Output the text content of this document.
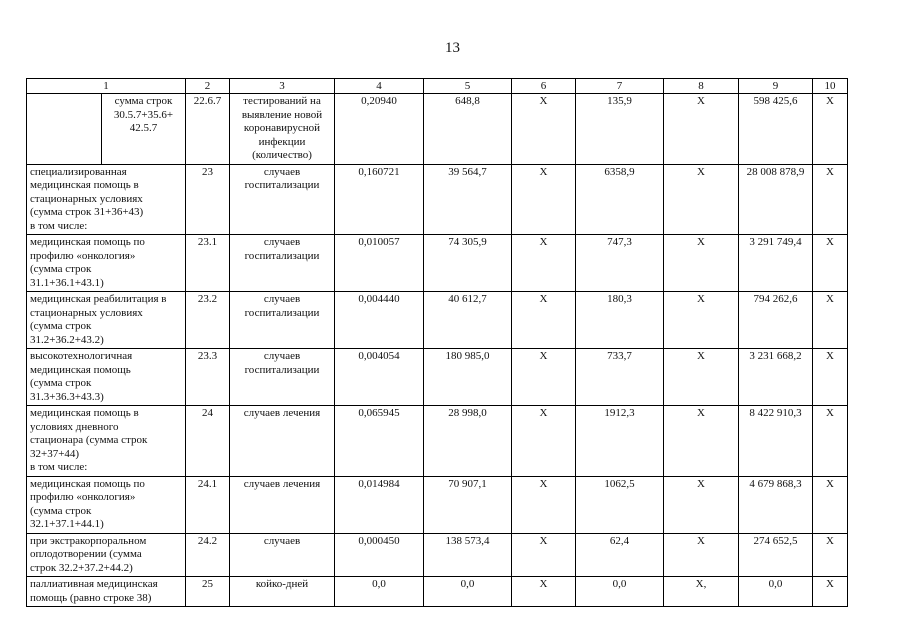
13
1		2	3	4	5	6	7	8	9	10
	сумма строк
30.5.7+35.6+
42.5.7	22.6.7	тестирований на
выявление новой
коронавирусной
инфекции
(количество)	0,20940	648,8	X	135,9	X	598 425,6	X
специализированная
медицинская помощь в
стационарных условиях
(сумма строк 31+36+43)
в том числе:		23	случаев
госпитализации	0,160721	39 564,7	X	6358,9	X	28 008 878,9	X
медицинская помощь по
профилю «онкология»
(сумма строк
31.1+36.1+43.1)		23.1	случаев
госпитализации	0,010057	74 305,9	X	747,3	X	3 291 749,4	X
медицинская реабилитация в
стационарных условиях
(сумма строк
31.2+36.2+43.2)		23.2	случаев
госпитализации	0,004440	40 612,7	X	180,3	X	794 262,6	X
высокотехнологичная
медицинская помощь
(сумма строк
31.3+36.3+43.3)		23.3	случаев
госпитализации	0,004054	180 985,0	X	733,7	X	3 231 668,2	X
медицинская помощь в
условиях дневного
стационара (сумма строк
32+37+44)
в том числе:		24	случаев лечения	0,065945	28 998,0	X	1912,3	X	8 422 910,3	X
медицинская помощь по
профилю «онкология»
(сумма строк
32.1+37.1+44.1)		24.1	случаев лечения	0,014984	70 907,1	X	1062,5	X	4 679 868,3	X
при экстракорпоральном
оплодотворении (сумма
строк 32.2+37.2+44.2)		24.2	случаев	0,000450	138 573,4	X	62,4	X	274 652,5	X
паллиативная медицинская
помощь (равно строке 38)		25	койко-дней	0,0	0,0	X	0,0	X,	0,0	X
